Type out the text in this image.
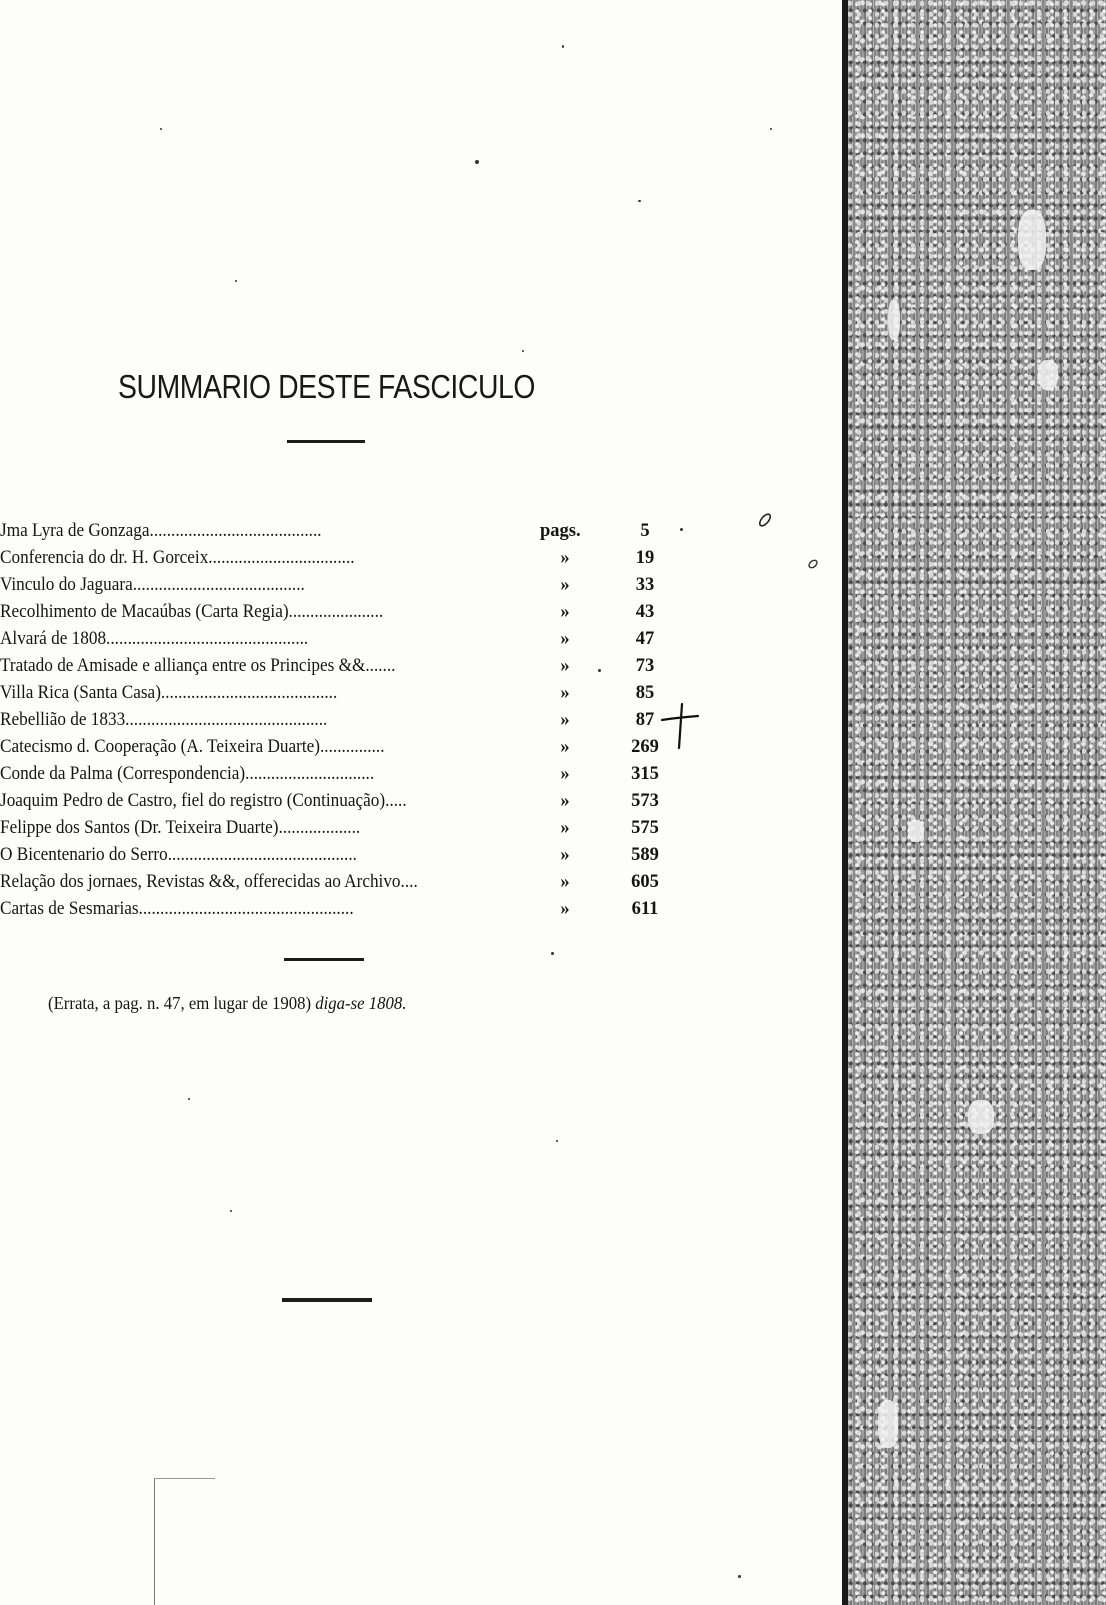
SUMMARIO DESTE FASCICULO
Jma Lyra de Gonzaga........................................	pags.	5
Conferencia do dr. H. Gorceix..................................	»	19
Vinculo do Jaguara........................................	»	33
Recolhimento de Macaúbas (Carta Regia)......................	»	43
Alvará de 1808...............................................	»	47
Tratado de Amisade e alliança entre os Principes &&.......	»	73
Villa Rica (Santa Casa).........................................	»	85
Rebellião de 1833...............................................	»	87
Catecismo d. Cooperação (A. Teixeira Duarte)...............	»	269
Conde da Palma (Correspondencia)..............................	»	315
Joaquim Pedro de Castro, fiel do registro (Continuação).....	»	573
Felippe dos Santos (Dr. Teixeira Duarte)...................	»	575
O Bicentenario do Serro............................................	»	589
Relação dos jornaes, Revistas &&, offerecidas ao Archivo....	»	605
Cartas de Sesmarias..................................................	»	611
(Errata, a pag. n. 47, em lugar de 1908) diga-se 1808.
